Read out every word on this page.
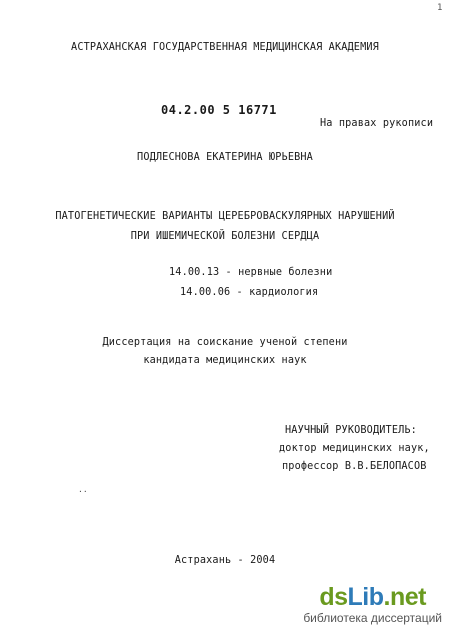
1
АСТРАХАНСКАЯ ГОСУДАРСТВЕННАЯ МЕДИЦИНСКАЯ АКАДЕМИЯ
04.2.00 5 16771
На правах рукописи
ПОДЛЕСНОВА ЕКАТЕРИНА ЮРЬЕВНА
ПАТОГЕНЕТИЧЕСКИЕ ВАРИАНТЫ ЦЕРЕБРОВАСКУЛЯРНЫХ НАРУШЕНИЙ
ПРИ ИШЕМИЧЕСКОЙ БОЛЕЗНИ СЕРДЦА
14.00.13 - нервные болезни
14.00.06 - кардиология
Диссертация на соискание ученой степени
кандидата медицинских наук
НАУЧНЫЙ РУКОВОДИТЕЛЬ:
доктор медицинских наук,
профессор В.В.БЕЛОПАСОВ
..
Астрахань - 2004
dsLib.net
библиотека диссертаций
